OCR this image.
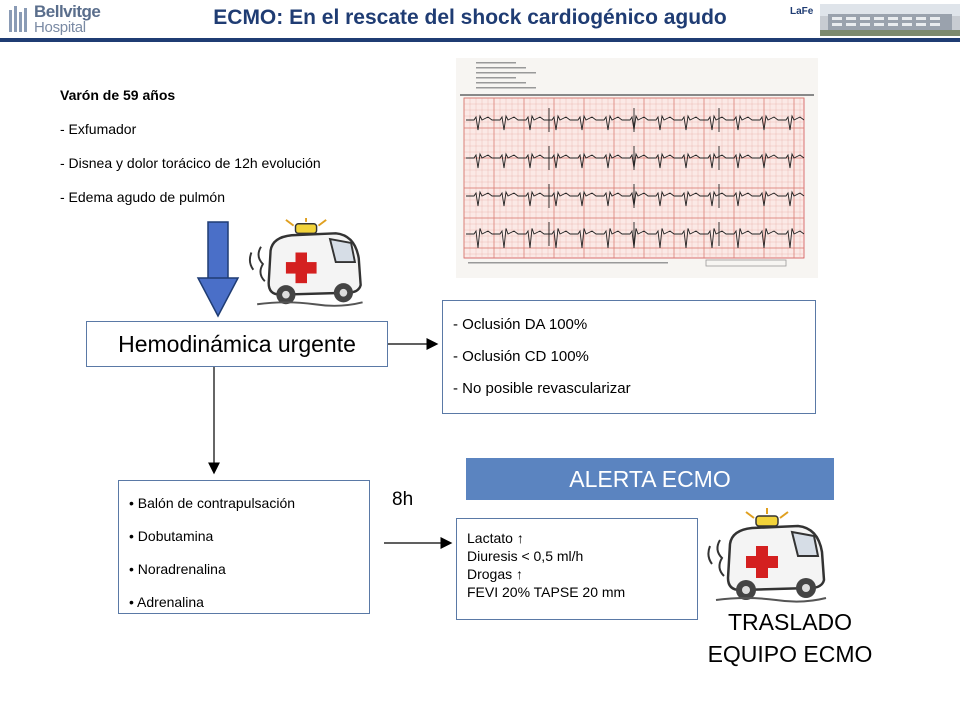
Bellvitge
Hospital	ECMO: En el rescate del shock cardiogénico agudo	LaFe
Varón de 59 años
- Exfumador
- Disnea y dolor torácico de 12h evolución
- Edema agudo de pulmón
Hemodinámica urgente
- Oclusión DA 100%
- Oclusión CD 100%
- No posible revascularizar
• Balón de contrapulsación
• Dobutamina
• Noradrenalina
• Adrenalina
8h
ALERTA ECMO
Lactato ↑
Diuresis < 0,5 ml/h
Drogas ↑
FEVI 20% TAPSE 20 mm
TRASLADO
EQUIPO ECMO
